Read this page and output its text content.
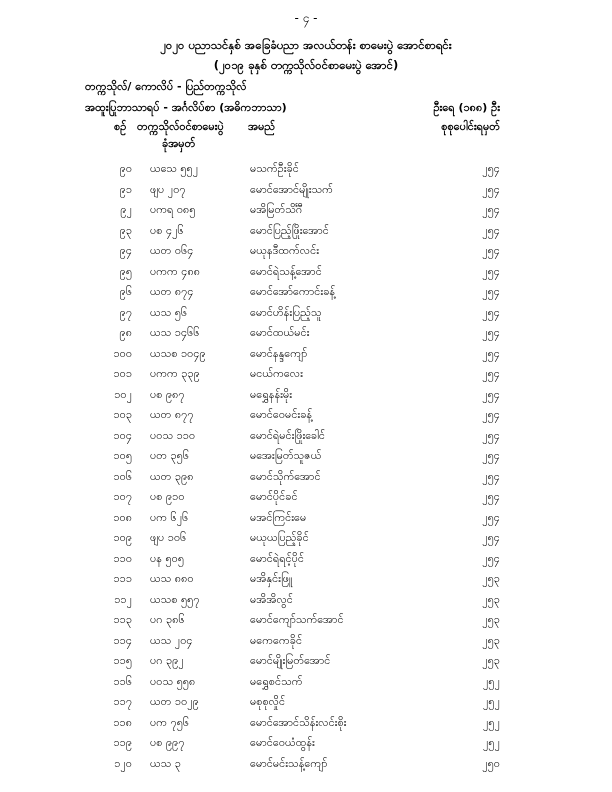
- ၄ -
၂၀၂၀ ပညာသင်နှစ် အခြေခံပညာ အလယ်တန်း စာမေးပွဲ အောင်စာရင်း
(၂၀၁၉ ခုနှစ် တက္ကသိုလ်ဝင်စာမေးပွဲ အောင်)
တက္ကသိုလ်/ ကောလိပ် - ပြည်တက္ကသိုလ်
အထူးပြုဘာသာရပ် - အင်္ဂလိပ်စာ (အဓိကဘာသာ)	ဦးရေ (၁၈၈) ဦး
စဉ် တက္ကသိုလ်ဝင်စာမေးပွဲ
ခုံအမှတ်
အမည်	စုစုပေါင်းရမှတ်
၉၀ ယသေ ၅၅၂	မသက်ဦးခိုင်	၂၅၄
၉၁ ဖျပ ၂၀၇	မောင်အောင်မျိုးသက်	၂၅၄
၉၂ ပကရ ၀၈၅	မအိမြတ်သိင်္ဂီ	၂၅၄
၉၃ ပစ ၄၂၆	မောင်ပြည့်ဖြိုးအောင်	၂၅၄
၉၄ ယတ ၀၆၄	မယုနဒီထက်လင်း	၂၅၄
၉၅ ပကက ၄၈၈	မောင်ရဲသန့်အောင်	၂၅၄
၉၆ ယတ ၈၇၄	မောင်အော်ကောင်းခန့်	၂၅၄
၉၇ ယသ ၅၆	မောင်ဟိန်းပြည့်သူ	၂၅၄
၉၈ ယသ ၁၄၆၆	မောင်ထယ်မင်း	၂၅၄
၁၀၀ ယသစ ၁၀၄၉	မောင်နန္ဒကျော်	၂၅၄
၁၀၁ ပကက ၃၃၉	မငယ်ကလေး	၂၅၄
၁၀၂ ပစ ၉၈၇	မရွှေနန်းမိုး	၂၅၄
၁၀၃ ယတ ၈၇၇	မောင်ဝေမင်းခန့်	၂၅၄
၁၀၄ ပဝသ ၁၁၀	မောင်ရဲမင်းဖြိုးခေါင်	၂၅၄
၁၀၅ ပတ ၃၅၆	မအေးမြတ်သူဇယ်	၂၅၄
၁၀၆ ယတ ၃၉၈	မောင်သိုက်အောင်	၂၅၄
၁၀၇ ပစ ၉၁၀	မောင်ပိုင်ခင်	၂၅၄
၁၀၈ ပက ၆၂၆	မအင်ကြင်းမေ	၂၅၄
၁၀၉ ဖျပ ၁၀၆	မယုယပြည့်ခိုင်	၂၅၄
၁၁၀ ပန ၅၀၅	မောင်ရဲရင့်ပိုင်	၂၅၄
၁၁၁ ယသ ၈၈၀	မအိနှင်းဖြူ	၂၅၃
၁၁၂ ယသစ ၅၅၇	မအိအိလွင်	၂၅၃
၁၁၃ ပဂ ၃၈၆	မောင်ကျော်သက်အောင်	၂၅၃
၁၁၄ ယသ ၂၀၄	မကေကေခိုင်	၂၅၃
၁၁၅ ပဂ ၃၉၂	မောင်မျိုးမြတ်အောင်	၂၅၃
၁၁၆ ပဝသ ၅၅၈	မရွှေစင်သက်	၂၅၂
၁၁၇ ယတ ၁၀၂၉	မစုစုလှိုင်	၂၅၂
၁၁၈ ပက ၇၅၆	မောင်အောင်သိန်းလင်းစိုး	၂၅၂
၁၁၉ ပစ ၉၉၇	မောင်ဝေယံထွန်း	၂၅၂
၁၂၀ ယသ ၃	မောင်မင်းသန့်ကျော်	၂၅၀
